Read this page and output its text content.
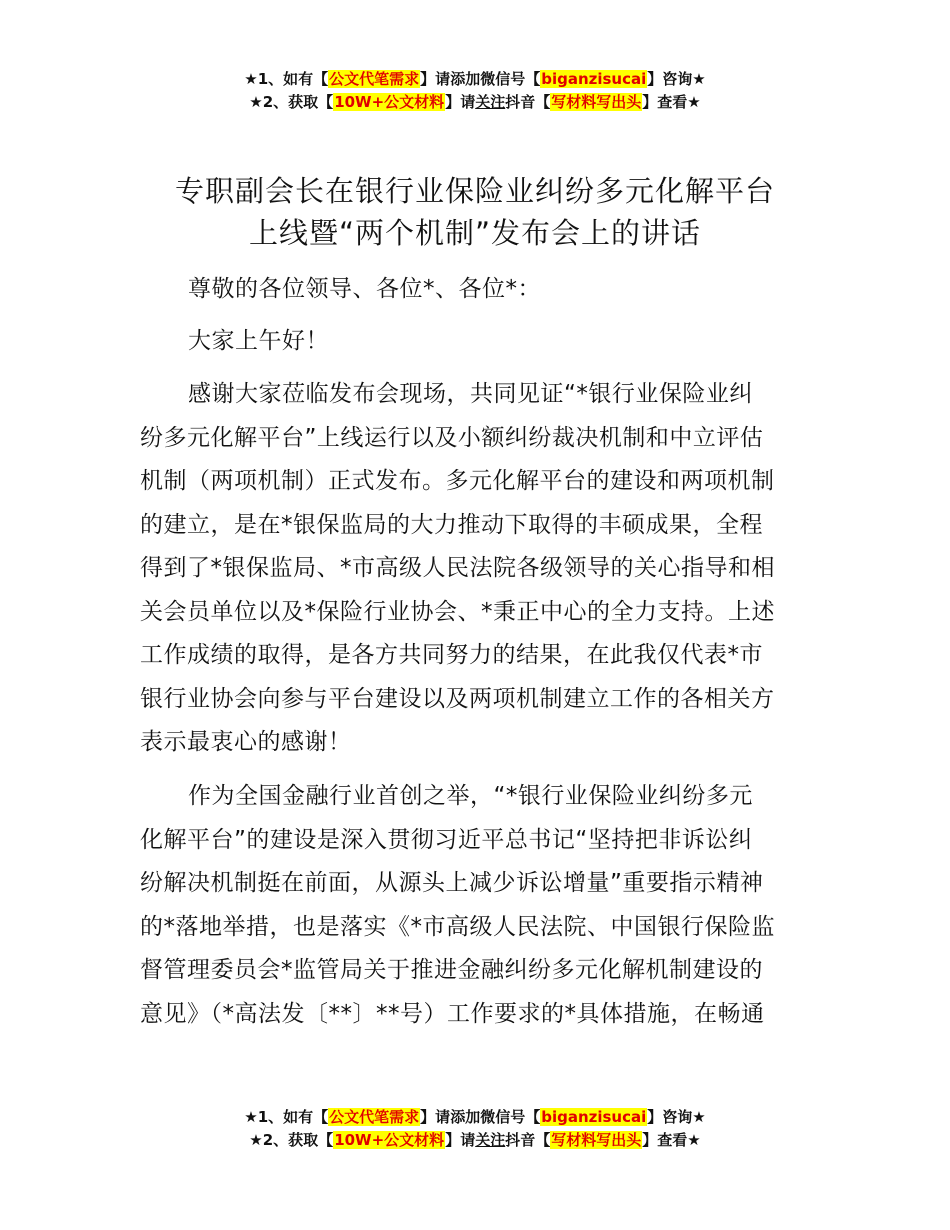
★1、如有【公文代笔需求】请添加微信号【biganzisucai】咨询★
★2、获取【10W+公文材料】请关注抖音【写材料写出头】查看★
专职副会长在银行业保险业纠纷多元化解平台
上线暨“两个机制”发布会上的讲话
尊敬的各位领导、各位*、各位*：
大家上午好！
感谢大家莅临发布会现场，共同见证“*银行业保险业纠
纷多元化解平台”上线运行以及小额纠纷裁决机制和中立评估
机制（两项机制）正式发布。多元化解平台的建设和两项机制
的建立，是在*银保监局的大力推动下取得的丰硕成果，全程
得到了*银保监局、*市高级人民法院各级领导的关心指导和相
关会员单位以及*保险行业协会、*秉正中心的全力支持。上述
工作成绩的取得，是各方共同努力的结果，在此我仅代表*市
银行业协会向参与平台建设以及两项机制建立工作的各相关方
表示最衷心的感谢！
作为全国金融行业首创之举，“*银行业保险业纠纷多元
化解平台”的建设是深入贯彻习近平总书记“坚持把非诉讼纠
纷解决机制挺在前面，从源头上减少诉讼增量”重要指示精神
的*落地举措，也是落实《*市高级人民法院、中国银行保险监
督管理委员会*监管局关于推进金融纠纷多元化解机制建设的
意见》（*高法发〔**〕**号）工作要求的*具体措施，在畅通
★1、如有【公文代笔需求】请添加微信号【biganzisucai】咨询★
★2、获取【10W+公文材料】请关注抖音【写材料写出头】查看★
